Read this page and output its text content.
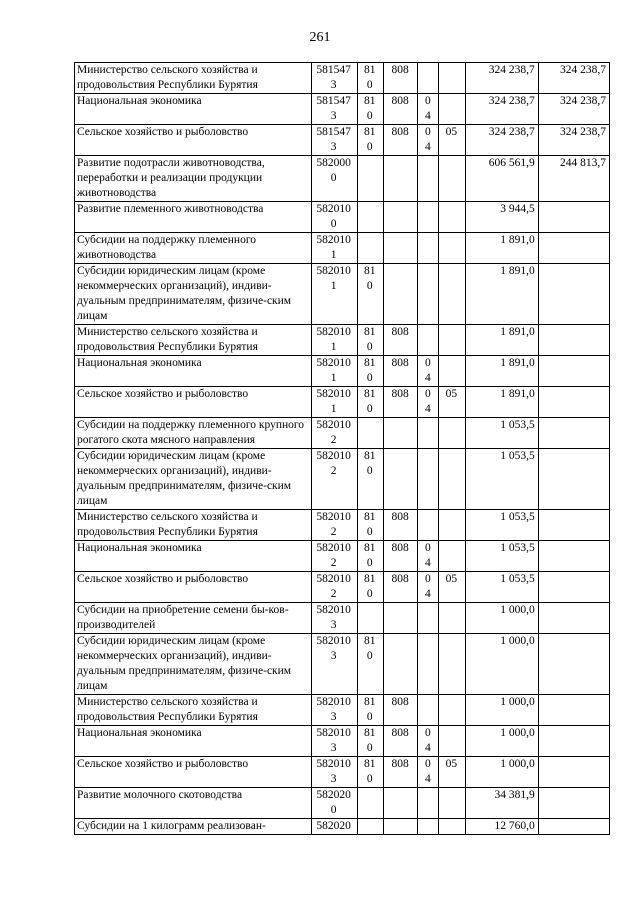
261
Министерство сельского хозяйства и продовольствия Республики Бурятия	5815473	810	808			324 238,7	324 238,7
Национальная экономика	5815473	810	808	04		324 238,7	324 238,7
Сельское хозяйство и рыболовство	5815473	810	808	04	05	324 238,7	324 238,7
Развитие подотрасли животноводства, переработки и реализации продукции животноводства	5820000					606 561,9	244 813,7
Развитие племенного животноводства	5820100					3 944,5	
Субсидии на поддержку племенного животноводства	5820101					1 891,0	
Субсидии юридическим лицам (кроме некоммерческих организаций), индиви-дуальным предпринимателям, физиче-ским лицам	5820101	810				1 891,0	
Министерство сельского хозяйства и продовольствия Республики Бурятия	5820101	810	808			1 891,0	
Национальная экономика	5820101	810	808	04		1 891,0	
Сельское хозяйство и рыболовство	5820101	810	808	04	05	1 891,0	
Субсидии на поддержку племенного крупного рогатого скота мясного направления	5820102					1 053,5	
Субсидии юридическим лицам (кроме некоммерческих организаций), индиви-дуальным предпринимателям, физиче-ским лицам	5820102	810				1 053,5	
Министерство сельского хозяйства и продовольствия Республики Бурятия	5820102	810	808			1 053,5	
Национальная экономика	5820102	810	808	04		1 053,5	
Сельское хозяйство и рыболовство	5820102	810	808	04	05	1 053,5	
Субсидии на приобретение семени бы-ков-производителей	5820103					1 000,0	
Субсидии юридическим лицам (кроме некоммерческих организаций), индиви-дуальным предпринимателям, физиче-ским лицам	5820103	810				1 000,0	
Министерство сельского хозяйства и продовольствия Республики Бурятия	5820103	810	808			1 000,0	
Национальная экономика	5820103	810	808	04		1 000,0	
Сельское хозяйство и рыболовство	5820103	810	808	04	05	1 000,0	
Развитие молочного скотоводства	5820200					34 381,9	
Субсидии на 1 килограмм реализован-	582020					12 760,0	
